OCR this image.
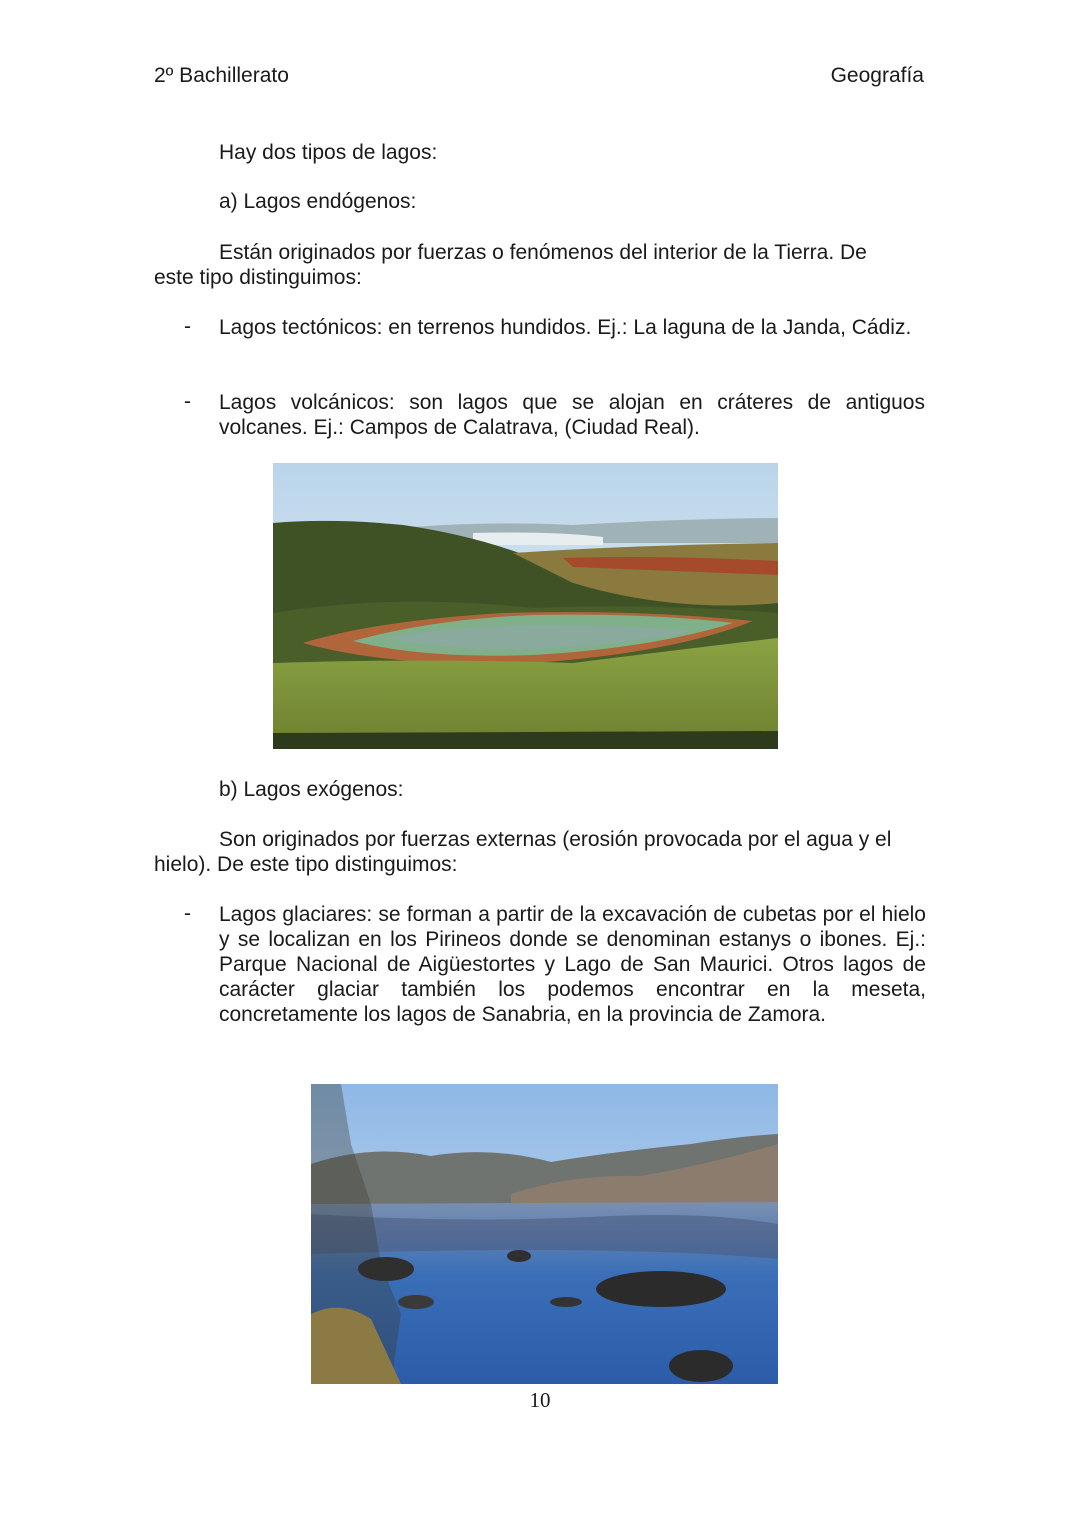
2º Bachillerato	Geografía
Hay dos tipos de lagos:
a) Lagos endógenos:
Están originados por fuerzas o fenómenos del interior de la Tierra. De
este tipo distinguimos:
- Lagos tectónicos: en terrenos hundidos. Ej.: La laguna de la Janda, Cádiz.
- Lagos volcánicos: son lagos que se alojan en cráteres de antiguos volcanes. Ej.: Campos de Calatrava, (Ciudad Real).
b) Lagos exógenos:
Son originados por fuerzas externas (erosión provocada por el agua y el
hielo). De este tipo distinguimos:
- Lagos glaciares: se forman a partir de la excavación de cubetas por el hielo y se localizan en los Pirineos donde se denominan estanys o ibones. Ej.: Parque Nacional de Aigüestortes y Lago de San Maurici. Otros lagos de carácter glaciar también los podemos encontrar en la meseta, concretamente los lagos de Sanabria, en la provincia de Zamora.
10
